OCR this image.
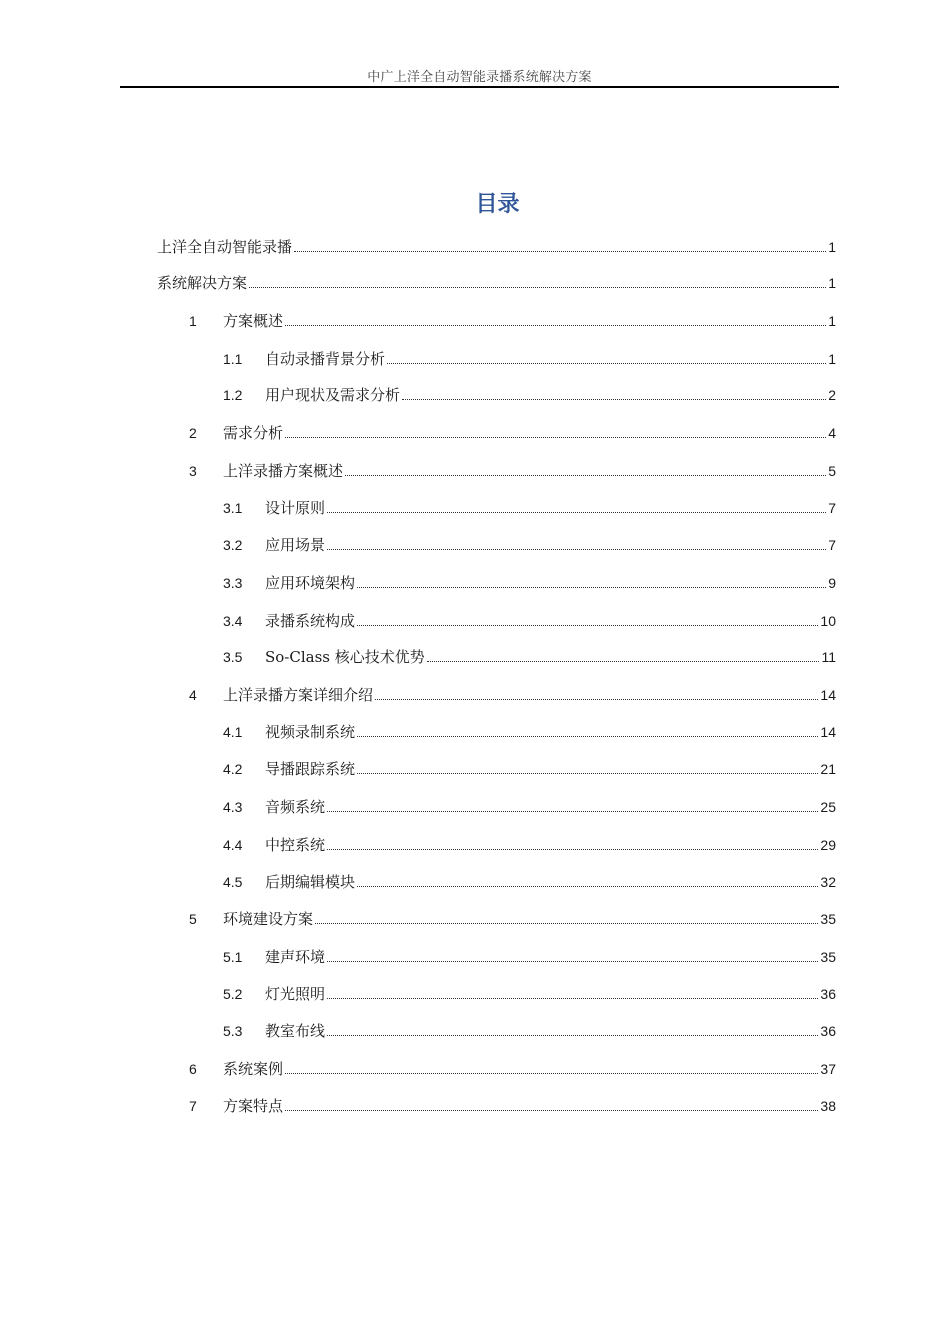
中广上洋全自动智能录播系统解决方案
目录
上洋全自动智能录播	1
系统解决方案	1
1	方案概述	1
1.1	自动录播背景分析	1
1.2	用户现状及需求分析	2
2	需求分析	4
3	上洋录播方案概述	5
3.1	设计原则	7
3.2	应用场景	7
3.3	应用环境架构	9
3.4	录播系统构成	10
3.5	So-Class 核心技术优势	11
4	上洋录播方案详细介绍	14
4.1	视频录制系统	14
4.2	导播跟踪系统	21
4.3	音频系统	25
4.4	中控系统	29
4.5	后期编辑模块	32
5	环境建设方案	35
5.1	建声环境	35
5.2	灯光照明	36
5.3	教室布线	36
6	系统案例	37
7	方案特点	38
